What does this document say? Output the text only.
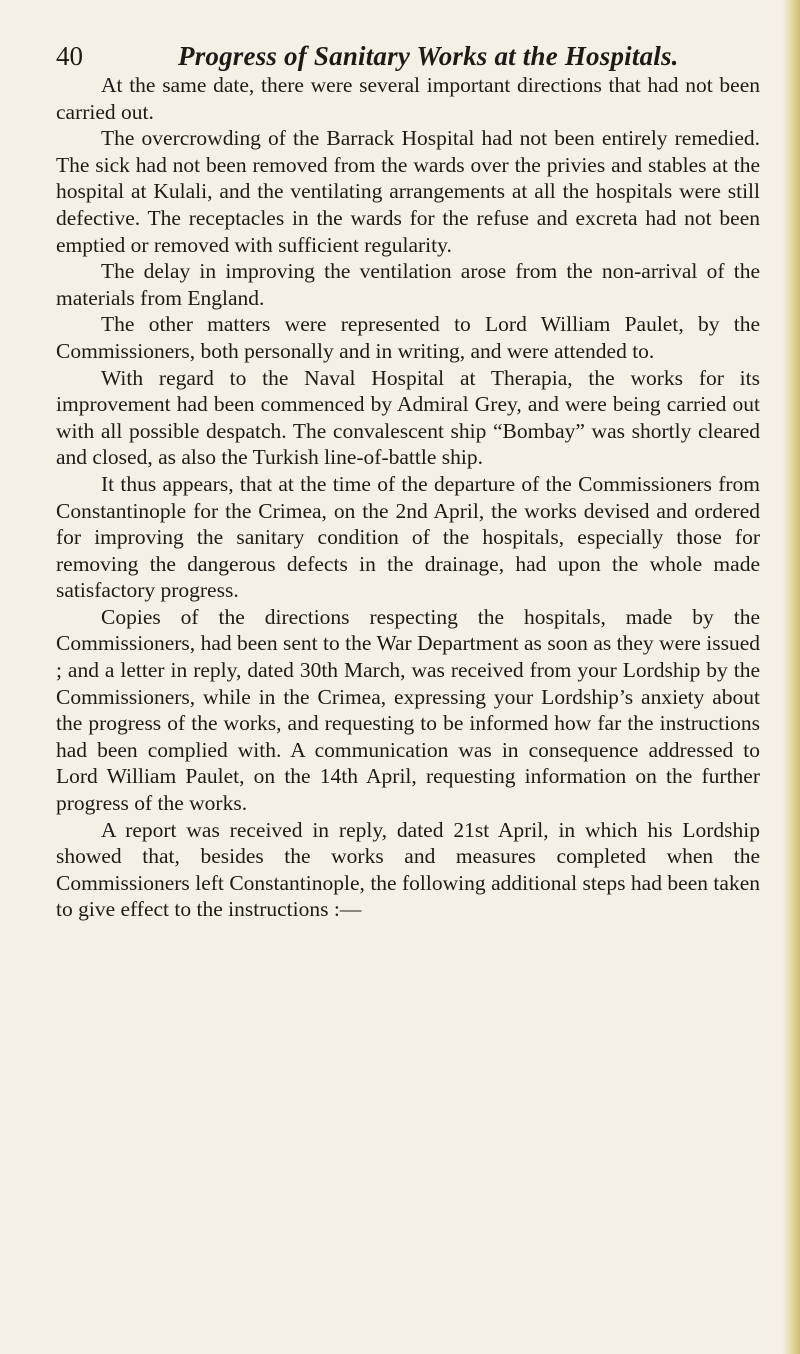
40	Progress of Sanitary Works at the Hospitals.

At the same date, there were several important directions that had not been carried out.

The overcrowding of the Barrack Hospital had not been entirely remedied. The sick had not been removed from the wards over the privies and stables at the hospital at Kulali, and the ventilating arrangements at all the hospitals were still defective. The receptacles in the wards for the refuse and excreta had not been emptied or removed with sufficient regularity.

The delay in improving the ventilation arose from the non-arrival of the materials from England.

The other matters were represented to Lord William Paulet, by the Commissioners, both personally and in writing, and were attended to.

With regard to the Naval Hospital at Therapia, the works for its improvement had been commenced by Admiral Grey, and were being carried out with all possible despatch. The convalescent ship “Bombay” was shortly cleared and closed, as also the Turkish line-of-battle ship.

It thus appears, that at the time of the departure of the Commissioners from Constantinople for the Crimea, on the 2nd April, the works devised and ordered for improving the sanitary condition of the hospitals, especially those for removing the dangerous defects in the drainage, had upon the whole made satisfactory progress.

Copies of the directions respecting the hospitals, made by the Commissioners, had been sent to the War Department as soon as they were issued ; and a letter in reply, dated 30th March, was received from your Lordship by the Commissioners, while in the Crimea, expressing your Lordship’s anxiety about the progress of the works, and requesting to be informed how far the instructions had been complied with. A communication was in consequence addressed to Lord William Paulet, on the 14th April, requesting information on the further progress of the works.

A report was received in reply, dated 21st April, in which his Lordship showed that, besides the works and measures completed when the Commissioners left Constantinople, the following additional steps had been taken to give effect to the instructions :—
